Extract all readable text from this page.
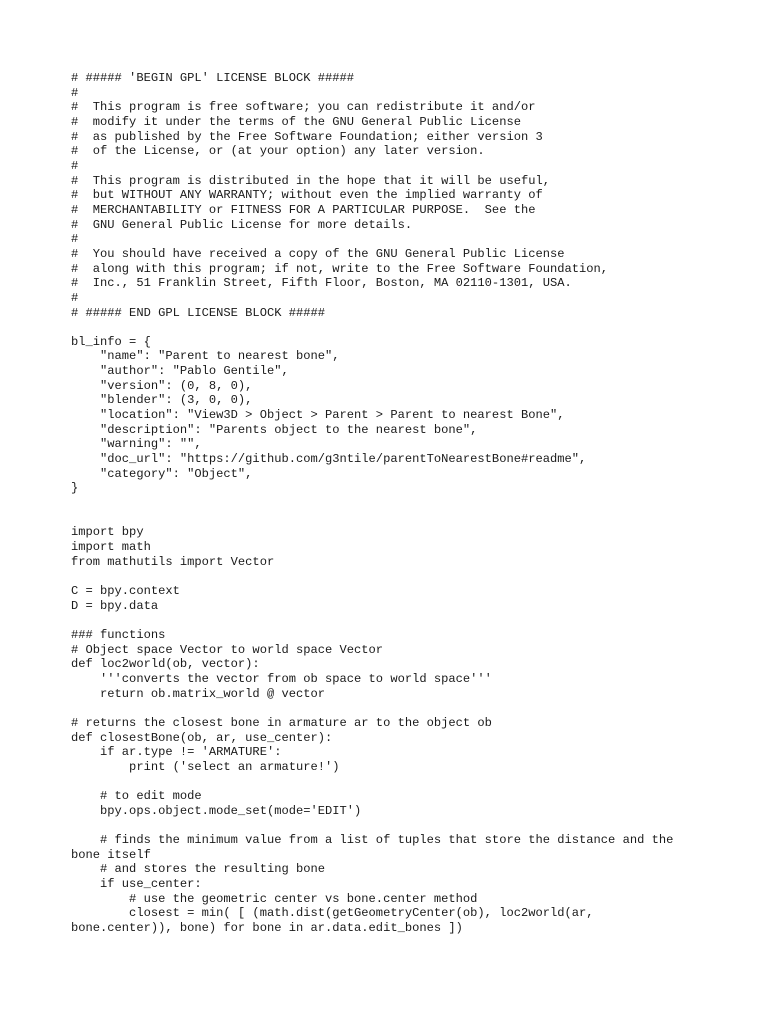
# ##### 'BEGIN GPL' LICENSE BLOCK #####
#
#  This program is free software; you can redistribute it and/or
#  modify it under the terms of the GNU General Public License
#  as published by the Free Software Foundation; either version 3
#  of the License, or (at your option) any later version.
#
#  This program is distributed in the hope that it will be useful,
#  but WITHOUT ANY WARRANTY; without even the implied warranty of
#  MERCHANTABILITY or FITNESS FOR A PARTICULAR PURPOSE.  See the
#  GNU General Public License for more details.
#
#  You should have received a copy of the GNU General Public License
#  along with this program; if not, write to the Free Software Foundation,
#  Inc., 51 Franklin Street, Fifth Floor, Boston, MA 02110-1301, USA.
#
# ##### END GPL LICENSE BLOCK #####
bl_info = {
"name": "Parent to nearest bone",
"author": "Pablo Gentile",
"version": (0, 8, 0),
"blender": (3, 0, 0),
"location": "View3D > Object > Parent > Parent to nearest Bone",
"description": "Parents object to the nearest bone",
"warning": "",
"doc_url": "https://github.com/g3ntile/parentToNearestBone#readme",
"category": "Object",
}
import bpy
import math
from mathutils import Vector
C = bpy.context
D = bpy.data
### functions
# Object space Vector to world space Vector
def loc2world(ob, vector):
'''converts the vector from ob space to world space'''
return ob.matrix_world @ vector
# returns the closest bone in armature ar to the object ob
def closestBone(ob, ar, use_center):
if ar.type != 'ARMATURE':
print ('select an armature!')
# to edit mode
bpy.ops.object.mode_set(mode='EDIT')
# finds the minimum value from a list of tuples that store the distance and the
bone itself
# and stores the resulting bone
if use_center:
# use the geometric center vs bone.center method
closest = min( [ (math.dist(getGeometryCenter(ob), loc2world(ar,
bone.center)), bone) for bone in ar.data.edit_bones ])
